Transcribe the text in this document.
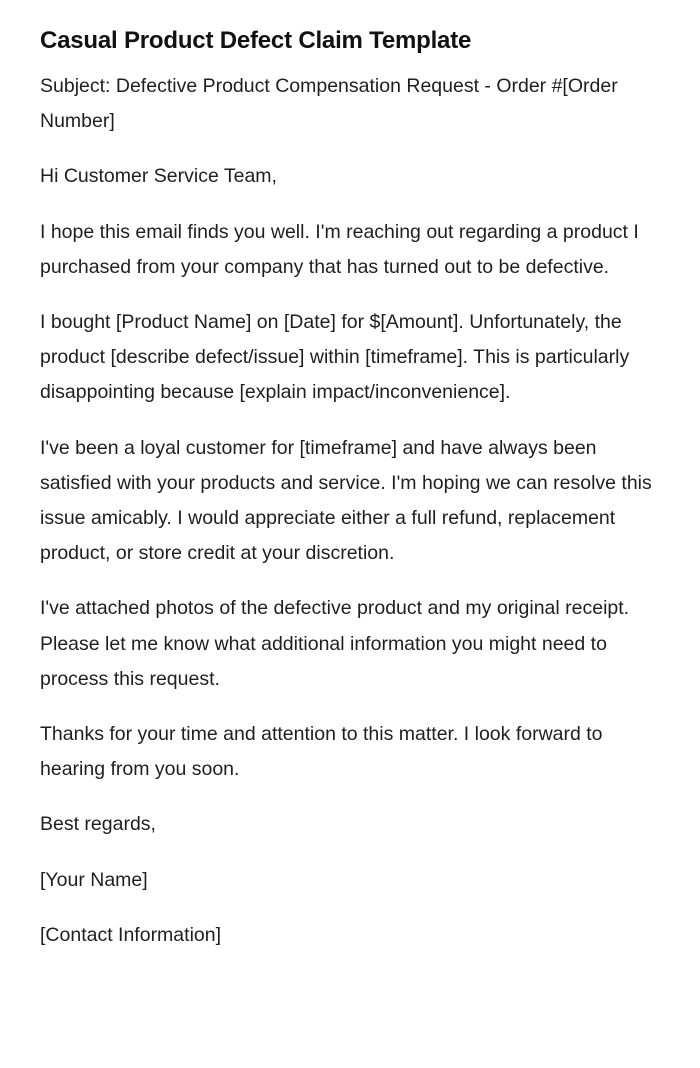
Casual Product Defect Claim Template

Subject: Defective Product Compensation Request - Order #[Order Number]

Hi Customer Service Team,

I hope this email finds you well. I'm reaching out regarding a product I purchased from your company that has turned out to be defective.

I bought [Product Name] on [Date] for $[Amount]. Unfortunately, the product [describe defect/issue] within [timeframe]. This is particularly disappointing because [explain impact/inconvenience].

I've been a loyal customer for [timeframe] and have always been satisfied with your products and service. I'm hoping we can resolve this issue amicably. I would appreciate either a full refund, replacement product, or store credit at your discretion.

I've attached photos of the defective product and my original receipt. Please let me know what additional information you might need to process this request.

Thanks for your time and attention to this matter. I look forward to hearing from you soon.

Best regards,

[Your Name]

[Contact Information]
